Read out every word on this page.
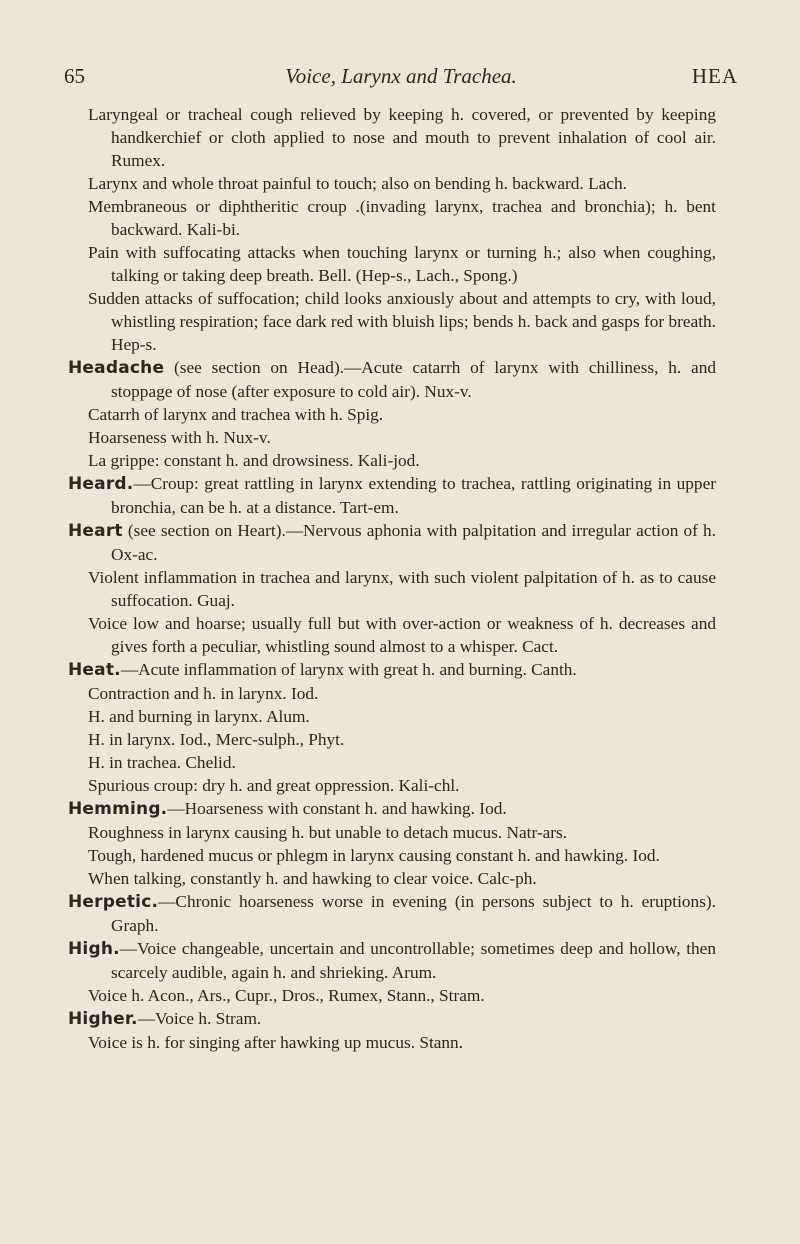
65	Voice, Larynx and Trachea.	HEA

Laryngeal or tracheal cough relieved by keeping h. covered, or prevented by keeping handkerchief or cloth applied to nose and mouth to prevent inhalation of cool air. Rumex.

Larynx and whole throat painful to touch; also on bending h. backward. Lach.

Membraneous or diphtheritic croup .(invading larynx, trachea and bronchia); h. bent backward. Kali-bi.

Pain with suffocating attacks when touching larynx or turning h.; also when coughing, talking or taking deep breath. Bell. (Hep-s., Lach., Spong.)

Sudden attacks of suffocation; child looks anxiously about and attempts to cry, with loud, whistling respiration; face dark red with bluish lips; bends h. back and gasps for breath. Hep-s.

Headache (see section on Head).—Acute catarrh of larynx with chilliness, h. and stoppage of nose (after exposure to cold air). Nux-v.

Catarrh of larynx and trachea with h. Spig.

Hoarseness with h. Nux-v.

La grippe: constant h. and drowsiness. Kali-jod.

Heard.—Croup: great rattling in larynx extending to trachea, rattling originating in upper bronchia, can be h. at a distance. Tart-em.

Heart (see section on Heart).—Nervous aphonia with palpitation and irregular action of h. Ox-ac.

Violent inflammation in trachea and larynx, with such violent palpitation of h. as to cause suffocation. Guaj.

Voice low and hoarse; usually full but with over-action or weakness of h. decreases and gives forth a peculiar, whistling sound almost to a whisper. Cact.

Heat.—Acute inflammation of larynx with great h. and burning. Canth.

Contraction and h. in larynx. Iod.

H. and burning in larynx. Alum.

H. in larynx. Iod., Merc-sulph., Phyt.

H. in trachea. Chelid.

Spurious croup: dry h. and great oppression. Kali-chl.

Hemming.—Hoarseness with constant h. and hawking. Iod.

Roughness in larynx causing h. but unable to detach mucus. Natr-ars.

Tough, hardened mucus or phlegm in larynx causing constant h. and hawking. Iod.

When talking, constantly h. and hawking to clear voice. Calc-ph.

Herpetic.—Chronic hoarseness worse in evening (in persons subject to h. eruptions). Graph.

High.—Voice changeable, uncertain and uncontrollable; sometimes deep and hollow, then scarcely audible, again h. and shrieking. Arum.

Voice h. Acon., Ars., Cupr., Dros., Rumex, Stann., Stram.

Higher.—Voice h. Stram.

Voice is h. for singing after hawking up mucus. Stann.
